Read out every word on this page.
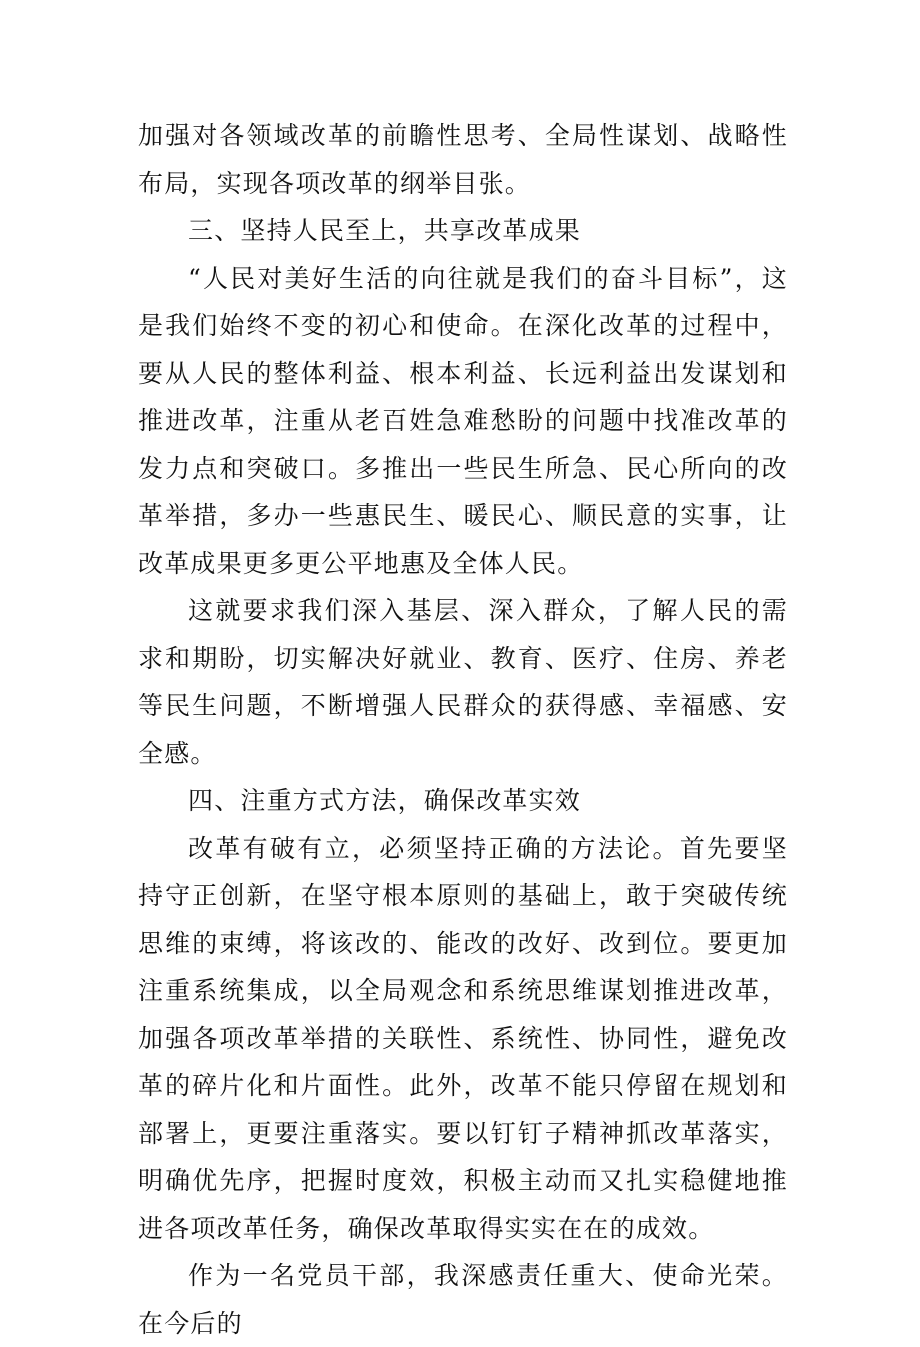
加强对各领域改革的前瞻性思考、全局性谋划、战略性布局，实现各项改革的纲举目张。

三、坚持人民至上，共享改革成果

“人民对美好生活的向往就是我们的奋斗目标”，这是我们始终不变的初心和使命。在深化改革的过程中，要从人民的整体利益、根本利益、长远利益出发谋划和推进改革，注重从老百姓急难愁盼的问题中找准改革的发力点和突破口。多推出一些民生所急、民心所向的改革举措，多办一些惠民生、暖民心、顺民意的实事，让改革成果更多更公平地惠及全体人民。

这就要求我们深入基层、深入群众，了解人民的需求和期盼，切实解决好就业、教育、医疗、住房、养老等民生问题，不断增强人民群众的获得感、幸福感、安全感。

四、注重方式方法，确保改革实效

改革有破有立，必须坚持正确的方法论。首先要坚持守正创新，在坚守根本原则的基础上，敢于突破传统思维的束缚，将该改的、能改的改好、改到位。要更加注重系统集成，以全局观念和系统思维谋划推进改革，加强各项改革举措的关联性、系统性、协同性，避免改革的碎片化和片面性。此外，改革不能只停留在规划和部署上，更要注重落实。要以钉钉子精神抓改革落实，明确优先序，把握时度效，积极主动而又扎实稳健地推进各项改革任务，确保改革取得实实在在的成效。

作为一名党员干部，我深感责任重大、使命光荣。在今后的
